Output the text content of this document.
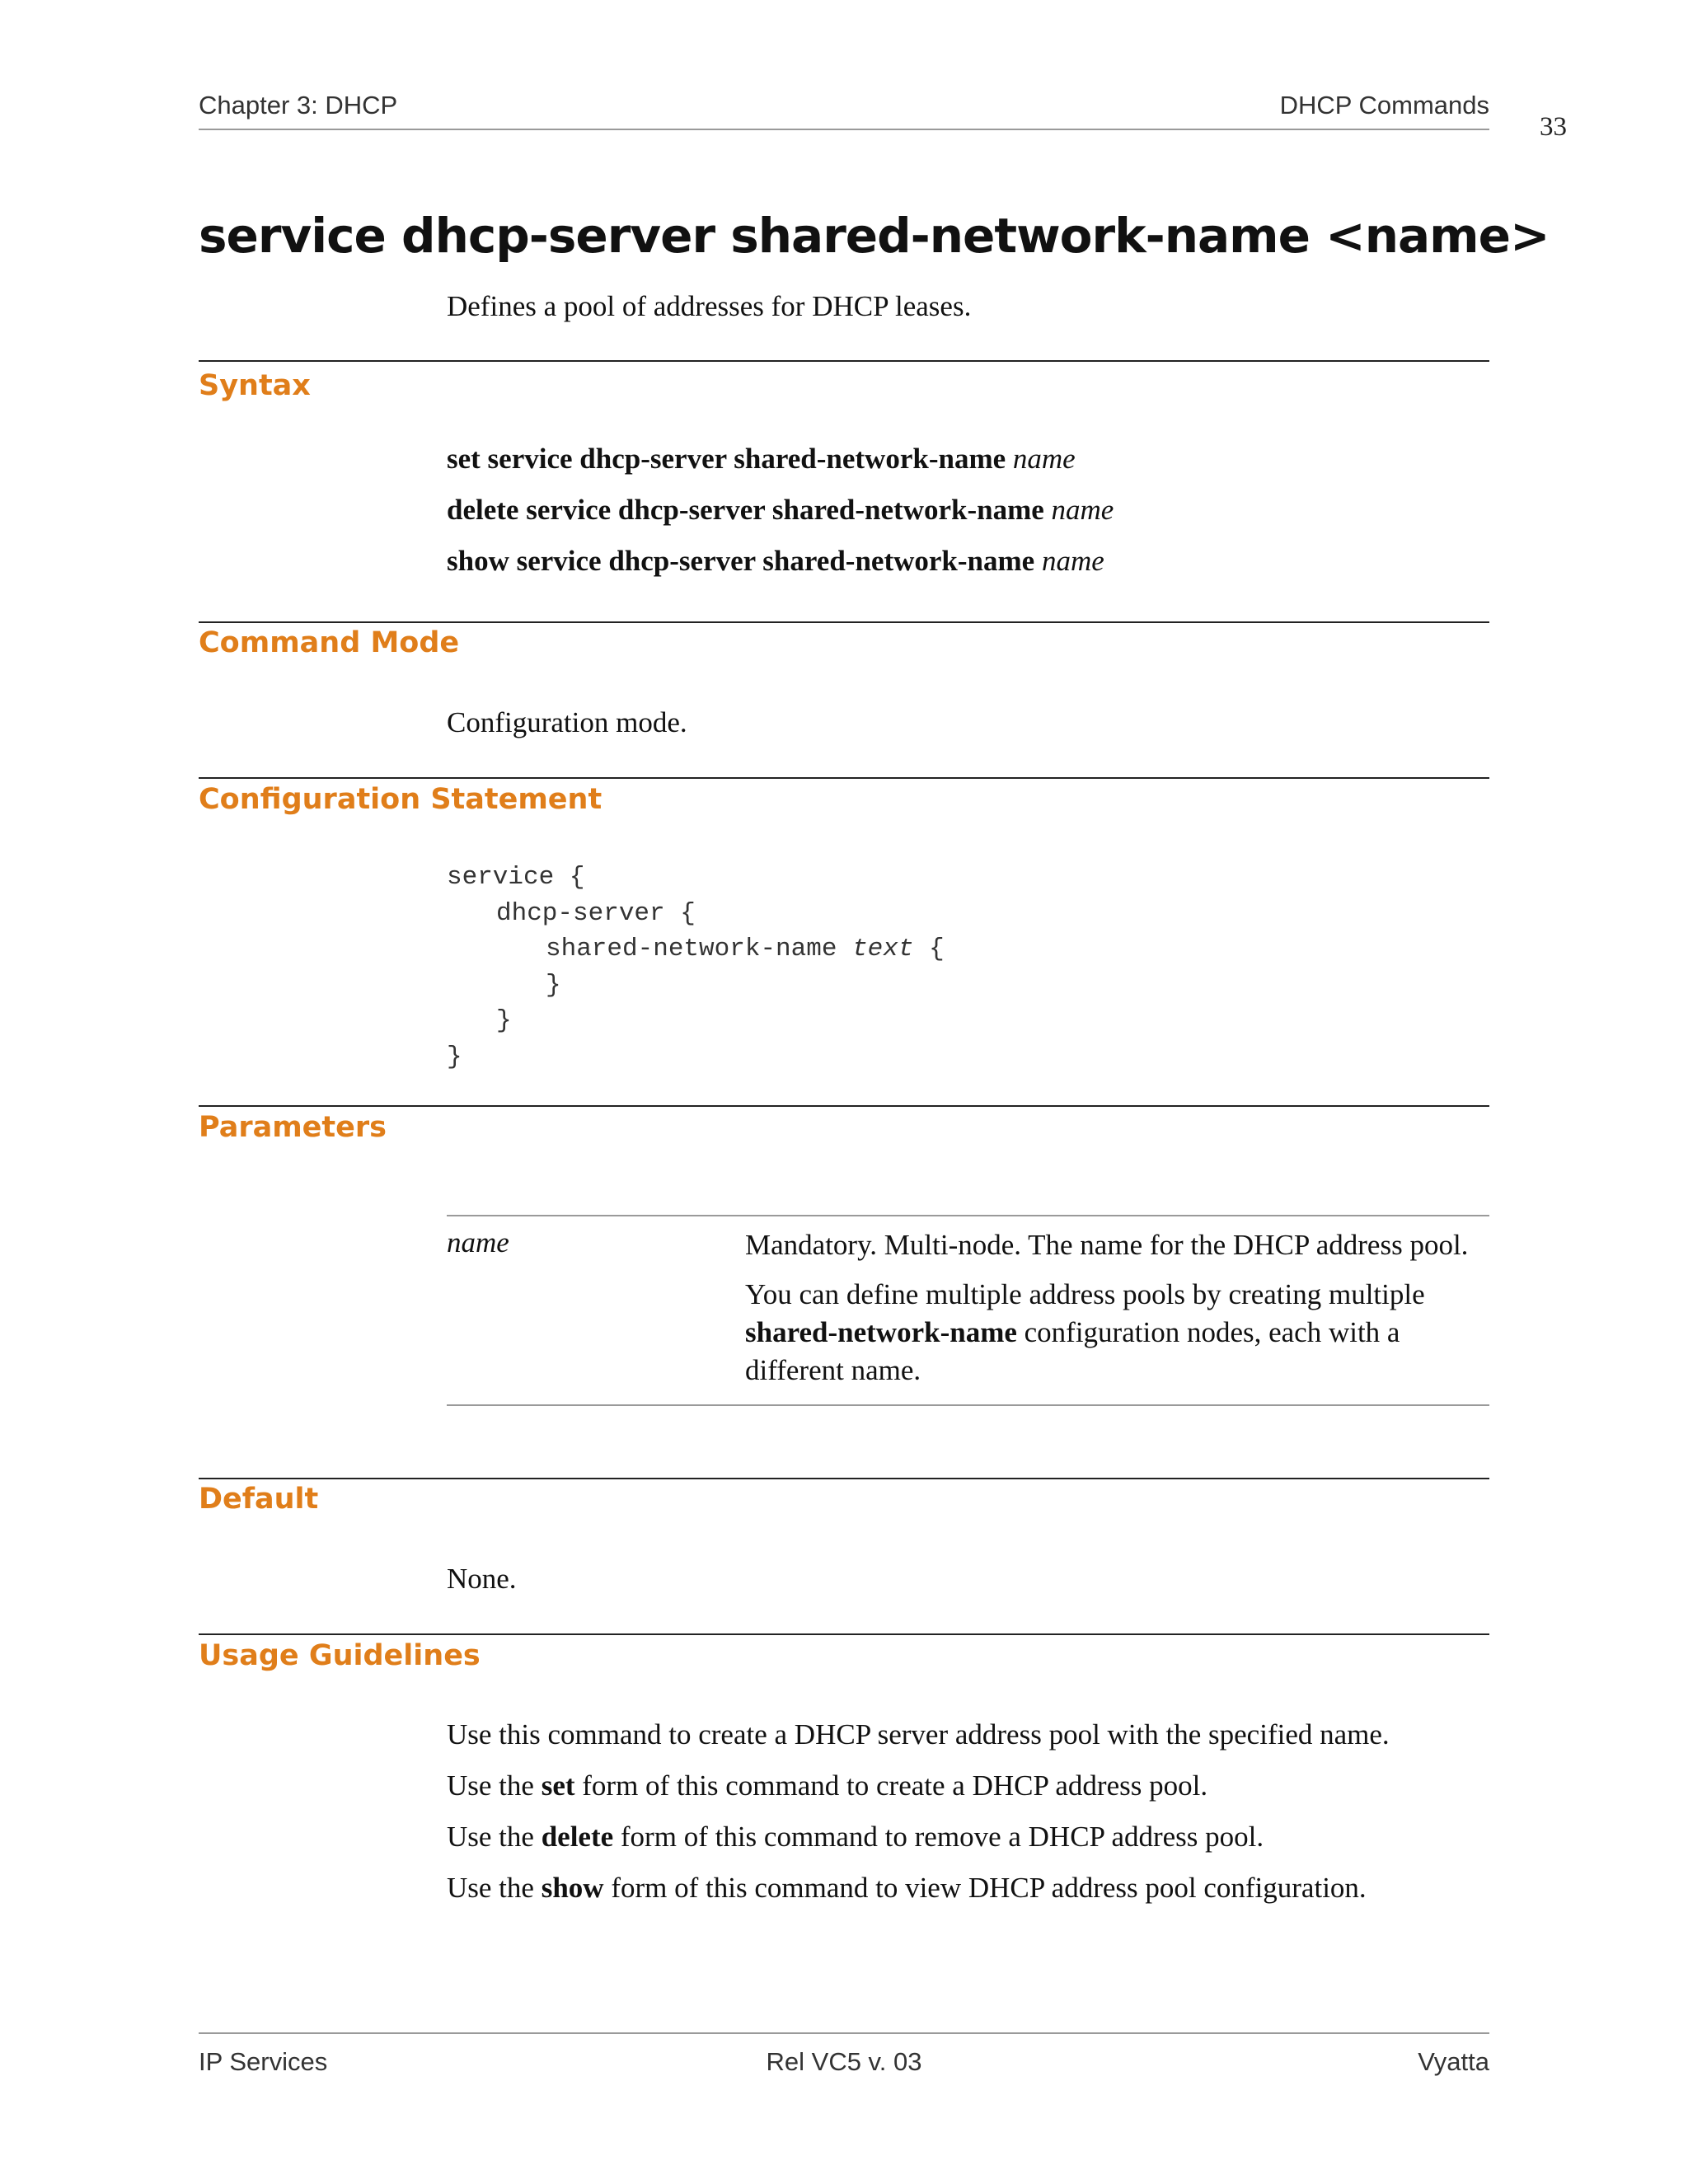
Chapter 3: DHCP	DHCP Commands
33
service dhcp-server shared-network-name <name>
Defines a pool of addresses for DHCP leases.
Syntax
set service dhcp-server shared-network-name name
delete service dhcp-server shared-network-name name
show service dhcp-server shared-network-name name
Command Mode
Configuration mode.
Configuration Statement
service {
dhcp-server {
shared-network-name text {
}
}
}
Parameters
name	Mandatory. Multi-node. The name for the DHCP address pool.

You can define multiple address pools by creating multiple shared-network-name configuration nodes, each with a different name.

Default
None.
Usage Guidelines
Use this command to create a DHCP server address pool with the specified name.
Use the set form of this command to create a DHCP address pool.
Use the delete form of this command to remove a DHCP address pool.
Use the show form of this command to view DHCP address pool configuration.
IP Services	Rel VC5 v. 03	Vyatta
